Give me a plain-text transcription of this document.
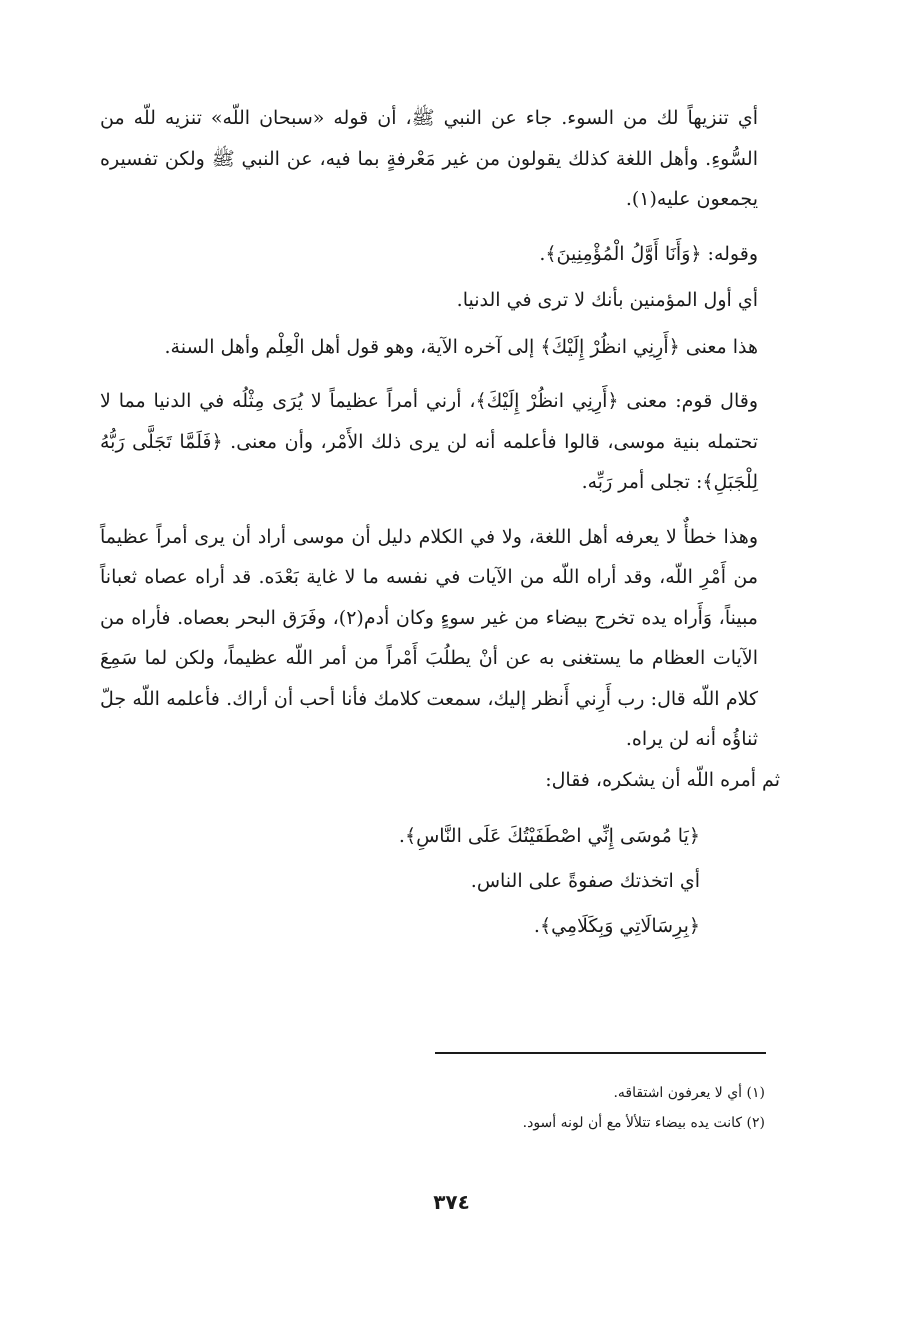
أي تنزيهاً لك من السوء. جاء عن النبي ﷺ، أن قوله «سبحان اللّه» تنزيه للّه من السُّوءِ. وأهل اللغة كذلك يقولون من غير مَعْرفةٍ بما فيه، عن النبي ﷺ ولكن تفسيره يجمعون عليه(١).

وقوله: ﴿وَأَنَا أَوَّلُ الْمُؤْمِنِينَ﴾.

أي أول المؤمنين بأنك لا ترى في الدنيا.

هذا معنى ﴿أَرِنِي انظُرْ إِلَيْكَ﴾ إلى آخره الآية، وهو قول أهل الْعِلْم وأهل السنة.

وقال قوم: معنى ﴿أَرِنِي انظُرْ إِلَيْكَ﴾، أرني أمراً عظيماً لا يُرَى مِثْلُه في الدنيا مما لا تحتمله بنية موسى، قالوا فأعلمه أنه لن يرى ذلك الأَمْر، وأن معنى. ﴿فَلَمَّا تَجَلَّى رَبُّهُ لِلْجَبَلِ﴾: تجلى أمر رَبِّه.

وهذا خطأٌ لا يعرفه أهل اللغة، ولا في الكلام دليل أن موسى أراد أن يرى أمراً عظيماً من أَمْرِ اللّه، وقد أراه اللّه من الآيات في نفسه ما لا غاية بَعْدَه. قد أراه عصاه ثعباناً مبيناً، وَأَراه يده تخرج بيضاء من غير سوءٍ وكان أدم(٢)، وفَرَق البحر بعصاه. فأراه من الآيات العظام ما يستغنى به عن أنْ يطلُبَ أَمْراً من أمر اللّه عظيماً، ولكن لما سَمِعَ كلام اللّه قال: رب أَرِني أَنظر إليك، سمعت كلامك فأنا أحب أن أراك. فأعلمه اللّه جلّ ثناؤُه أنه لن يراه.

ثم أمره اللّه أن يشكره، فقال:

﴿يَا مُوسَى إِنِّي اصْطَفَيْتُكَ عَلَى النَّاسِ﴾.

أي اتخذتك صفوةً على الناس.

﴿بِرِسَالَاتِي وَبِكَلَامِي﴾.

(١) أي لا يعرفون اشتقاقه.

(٢) كانت يده بيضاء تتلألأ مع أن لونه أسود.

٣٧٤
